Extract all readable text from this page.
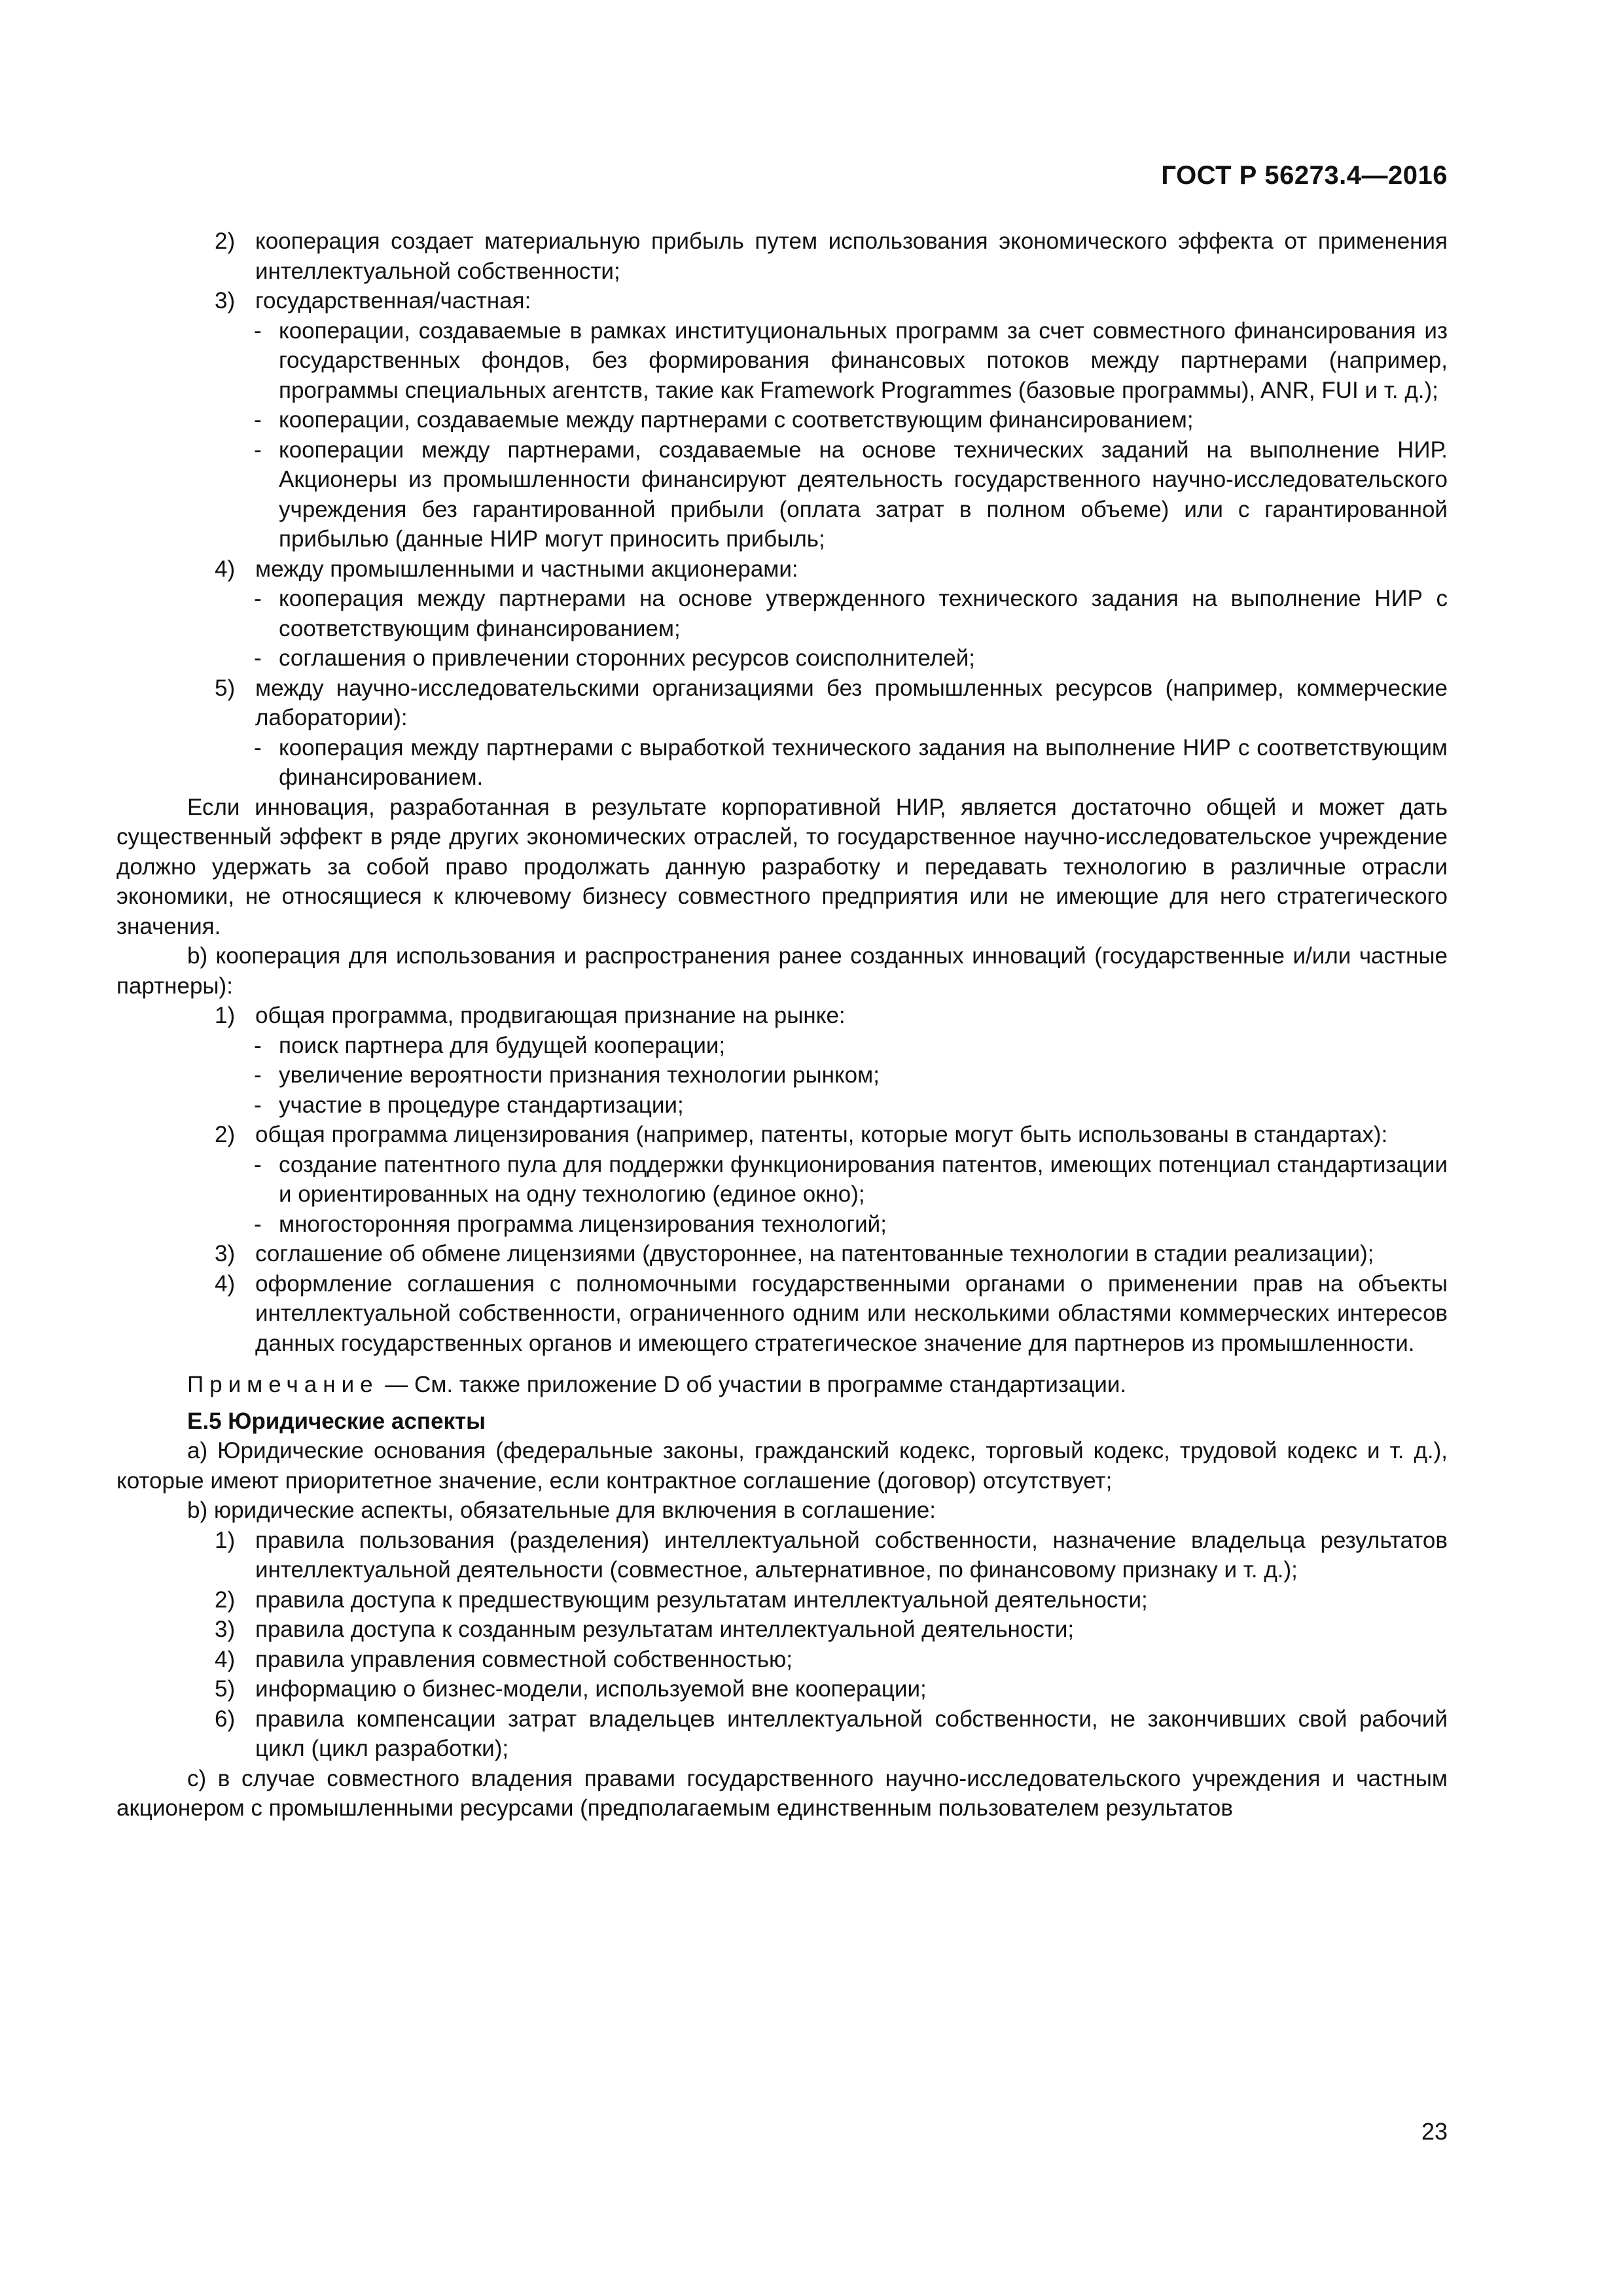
ГОСТ Р 56273.4—2016
2) кооперация создает материальную прибыль путем использования экономического эффекта от применения интеллектуальной собственности;
3) государственная/частная:
- кооперации, создаваемые в рамках институциональных программ за счет совместного финансирования из государственных фондов, без формирования финансовых потоков между партнерами (например, программы специальных агентств, такие как Framework Programmes (базовые программы), ANR, FUI и т. д.);
- кооперации, создаваемые между партнерами с соответствующим финансированием;
- кооперации между партнерами, создаваемые на основе технических заданий на выполнение НИР. Акционеры из промышленности финансируют деятельность государственного научно-исследовательского учреждения без гарантированной прибыли (оплата затрат в полном объеме) или с гарантированной прибылью (данные НИР могут приносить прибыль;
4) между промышленными и частными акционерами:
- кооперация между партнерами на основе утвержденного технического задания на выполнение НИР с соответствующим финансированием;
- соглашения о привлечении сторонних ресурсов соисполнителей;
5) между научно-исследовательскими организациями без промышленных ресурсов (например, коммерческие лаборатории):
- кооперация между партнерами с выработкой технического задания на выполнение НИР с соответствующим финансированием.
Если инновация, разработанная в результате корпоративной НИР, является достаточно общей и может дать существенный эффект в ряде других экономических отраслей, то государственное научно-исследовательское учреждение должно удержать за собой право продолжать данную разработку и передавать технологию в различные отрасли экономики, не относящиеся к ключевому бизнесу совместного предприятия или не имеющие для него стратегического значения.
b) кооперация для использования и распространения ранее созданных инноваций (государственные и/или частные партнеры):
1) общая программа, продвигающая признание на рынке:
- поиск партнера для будущей кооперации;
- увеличение вероятности признания технологии рынком;
- участие в процедуре стандартизации;
2) общая программа лицензирования (например, патенты, которые могут быть использованы в стандартах):
- создание патентного пула для поддержки функционирования патентов, имеющих потенциал стандартизации и ориентированных на одну технологию (единое окно);
- многосторонняя программа лицензирования технологий;
3) соглашение об обмене лицензиями (двустороннее, на патентованные технологии в стадии реализации);
4) оформление соглашения с полномочными государственными органами о применении прав на объекты интеллектуальной собственности, ограниченного одним или несколькими областями коммерческих интересов данных государственных органов и имеющего стратегическое значение для партнеров из промышленности.
Примечание — См. также приложение D об участии в программе стандартизации.
Е.5 Юридические аспекты
а) Юридические основания (федеральные законы, гражданский кодекс, торговый кодекс, трудовой кодекс и т. д.), которые имеют приоритетное значение, если контрактное соглашение (договор) отсутствует;
b) юридические аспекты, обязательные для включения в соглашение:
1) правила пользования (разделения) интеллектуальной собственности, назначение владельца результатов интеллектуальной деятельности (совместное, альтернативное, по финансовому признаку и т. д.);
2) правила доступа к предшествующим результатам интеллектуальной деятельности;
3) правила доступа к созданным результатам интеллектуальной деятельности;
4) правила управления совместной собственностью;
5) информацию о бизнес-модели, используемой вне кооперации;
6) правила компенсации затрат владельцев интеллектуальной собственности, не закончивших свой рабочий цикл (цикл разработки);
с) в случае совместного владения правами государственного научно-исследовательского учреждения и частным акционером с промышленными ресурсами (предполагаемым единственным пользователем результатов
23
